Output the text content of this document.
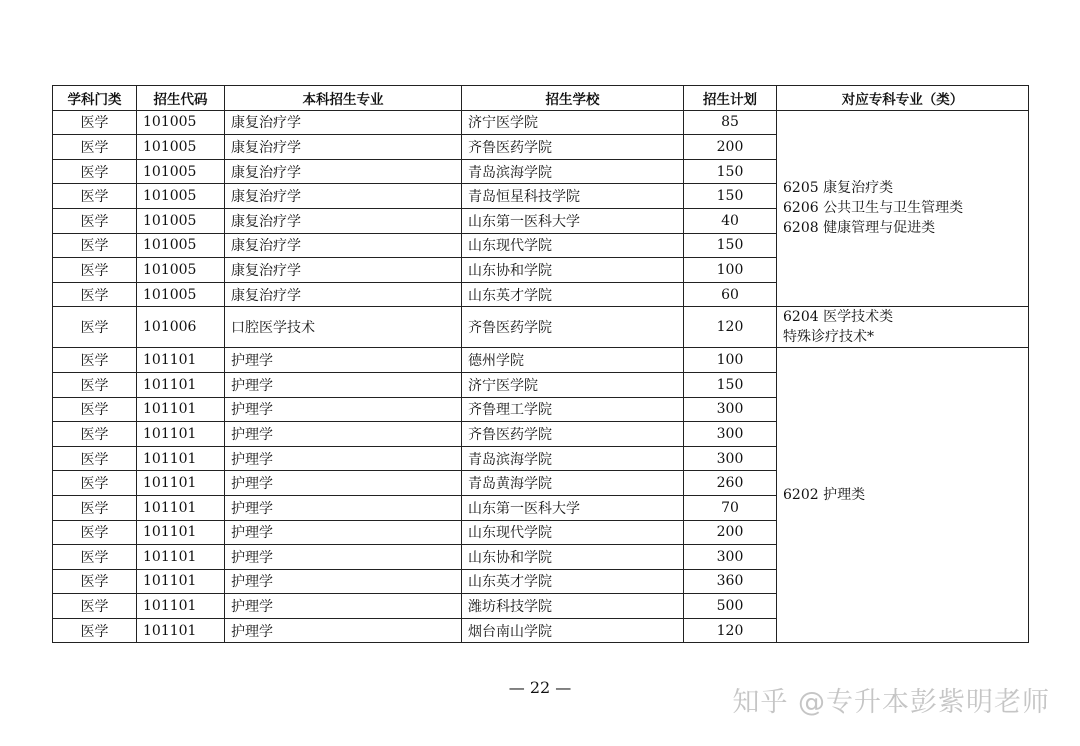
学科门类	招生代码	本科招生专业	招生学校	招生计划	对应专科专业（类）
医学	101005	康复治疗学	济宁医学院	85	6205 康复治疗类
6206 公共卫生与卫生管理类
6208 健康管理与促进类

医学	101005	康复治疗学	齐鲁医药学院	200	
医学	101005	康复治疗学	青岛滨海学院	150	
医学	101005	康复治疗学	青岛恒星科技学院	150	
医学	101005	康复治疗学	山东第一医科大学	40	
医学	101005	康复治疗学	山东现代学院	150	
医学	101005	康复治疗学	山东协和学院	100	
医学	101005	康复治疗学	山东英才学院	60	
医学	101006	口腔医学技术	齐鲁医药学院	120	6204 医学技术类
特殊诊疗技术*

医学	101101	护理学	德州学院	100	6202 护理类

医学	101101	护理学	济宁医学院	150	
医学	101101	护理学	齐鲁理工学院	300	
医学	101101	护理学	齐鲁医药学院	300	
医学	101101	护理学	青岛滨海学院	300	
医学	101101	护理学	青岛黄海学院	260	
医学	101101	护理学	山东第一医科大学	70	
医学	101101	护理学	山东现代学院	200	
医学	101101	护理学	山东协和学院	300	
医学	101101	护理学	山东英才学院	360	
医学	101101	护理学	潍坊科技学院	500	
医学	101101	护理学	烟台南山学院	120	
— 22 —	知乎 @专升本彭紫明老师
